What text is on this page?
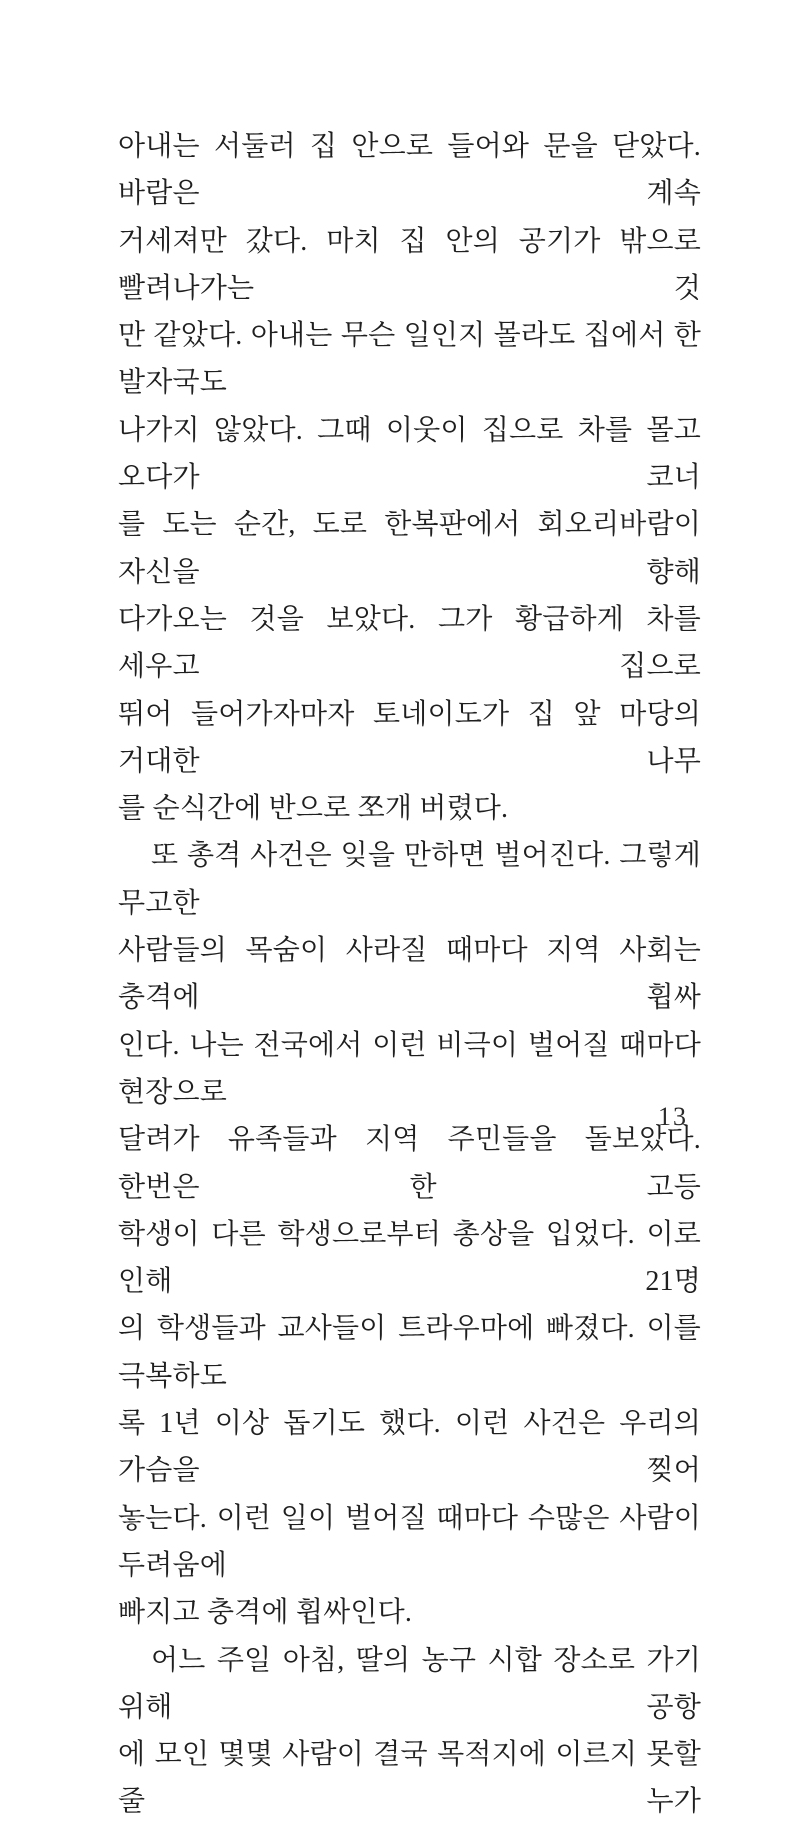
아내는 서둘러 집 안으로 들어와 문을 닫았다. 바람은 계속
거세져만 갔다. 마치 집 안의 공기가 밖으로 빨려나가는 것
만 같았다. 아내는 무슨 일인지 몰라도 집에서 한 발자국도
나가지 않았다. 그때 이웃이 집으로 차를 몰고 오다가 코너
를 도는 순간, 도로 한복판에서 회오리바람이 자신을 향해
다가오는 것을 보았다. 그가 황급하게 차를 세우고 집으로
뛰어 들어가자마자 토네이도가 집 앞 마당의 거대한 나무
를 순식간에 반으로 쪼개 버렸다.
또 총격 사건은 잊을 만하면 벌어진다. 그렇게 무고한
사람들의 목숨이 사라질 때마다 지역 사회는 충격에 휩싸
인다. 나는 전국에서 이런 비극이 벌어질 때마다 현장으로
달려가 유족들과 지역 주민들을 돌보았다. 한번은 한 고등
학생이 다른 학생으로부터 총상을 입었다. 이로 인해 21명
의 학생들과 교사들이 트라우마에 빠졌다. 이를 극복하도
록 1년 이상 돕기도 했다. 이런 사건은 우리의 가슴을 찢어
놓는다. 이런 일이 벌어질 때마다 수많은 사람이 두려움에
빠지고 충격에 휩싸인다.
어느 주일 아침, 딸의 농구 시합 장소로 가기 위해 공항
에 모인 몇몇 사람이 결국 목적지에 이르지 못할 줄 누가
13
